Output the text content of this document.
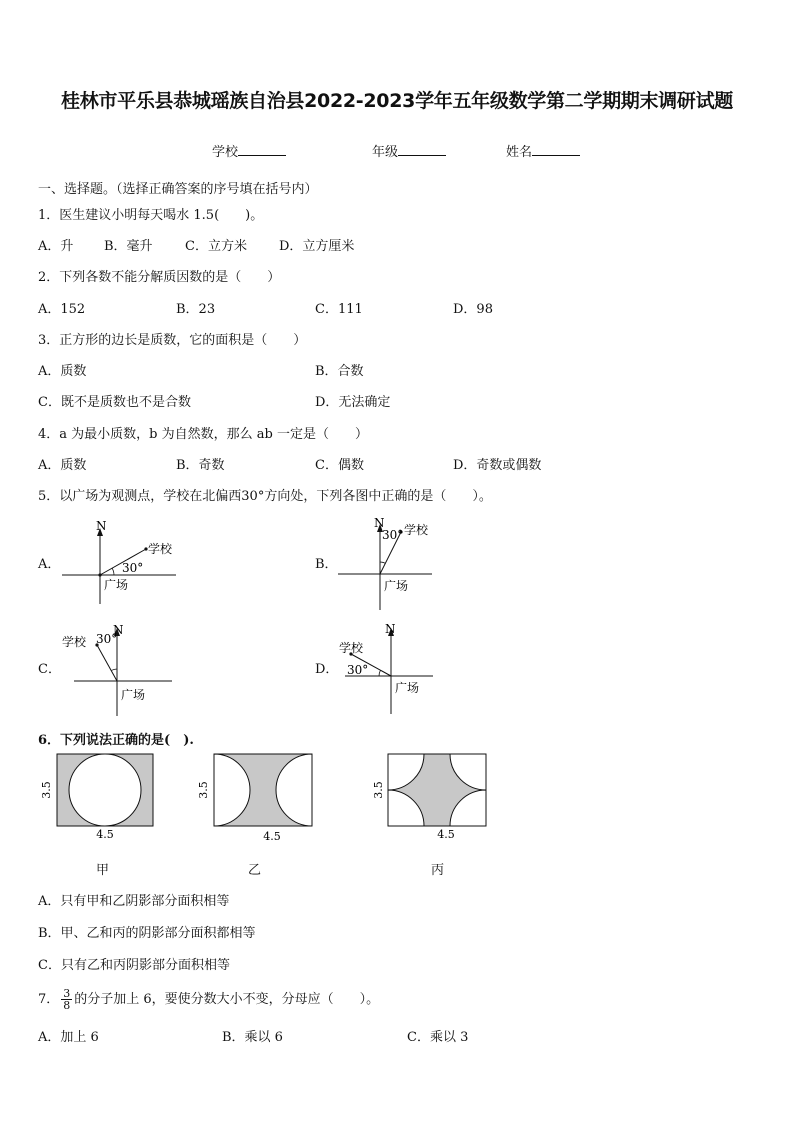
桂林市平乐县恭城瑶族自治县2022-2023学年五年级数学第二学期期末调研试题
学校	年级	姓名
一、选择题。（选择正确答案的序号填在括号内）
1．医生建议小明每天喝水 1.5(　　)。
A．升 B．毫升 C．立方米 D．立方厘米
2．下列各数不能分解质因数的是（　　）
A．152	B．23	C．111	D．98
3．正方形的边长是质数，它的面积是（　　）
A．质数	B．合数
C．既不是质数也不是合数	D．无法确定
4．a 为最小质数，b 为自然数，那么 ab 一定是（　　）
A．质数	B．奇数	C．偶数	D．奇数或偶数
5．以广场为观测点，学校在北偏西30°方向处，下列各图中正确的是（　　）。
A．
N
学校
30°
广场
B．
N 学校
30°
广场
C．
N
学校 30°
广场
D．
N
学校
30°
广场
6．下列说法正确的是(　).
3.5
4.5
甲
3.5
4.5
乙
3.5
4.5
丙
A．只有甲和乙阴影部分面积相等
B．甲、乙和丙的阴影部分面积都相等
C．只有乙和丙阴影部分面积相等
7． $\frac{3}{8}$ 的分子加上 6，要使分数大小不变，分母应（　　）。
A．加上 6	B．乘以 6	C．乘以 3
